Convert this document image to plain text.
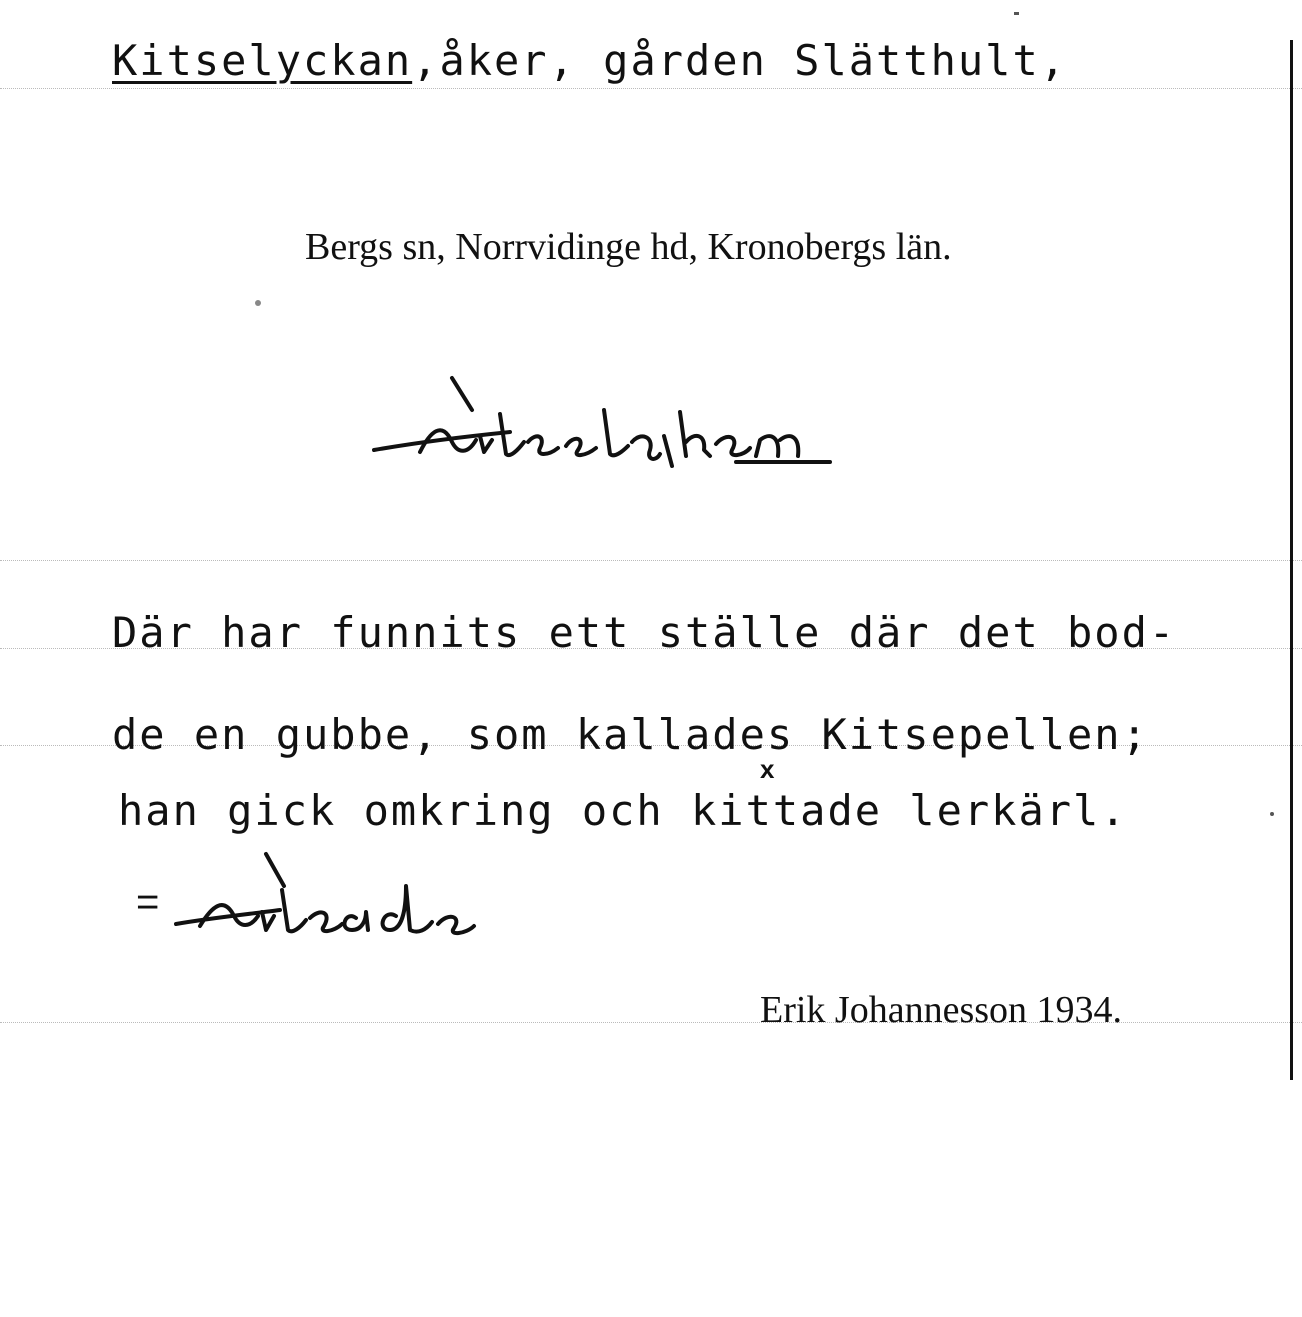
Kitselyckan,åker, gården Slätthult,
Bergs sn, Norrvidinge hd, Kronobergs län.
Där har funnits ett ställe där det bod-
de en gubbe, som kallades Kitsepellen;
han gick omkring och kittade lerkärl.
x
=
Erik Johannesson 1934.
